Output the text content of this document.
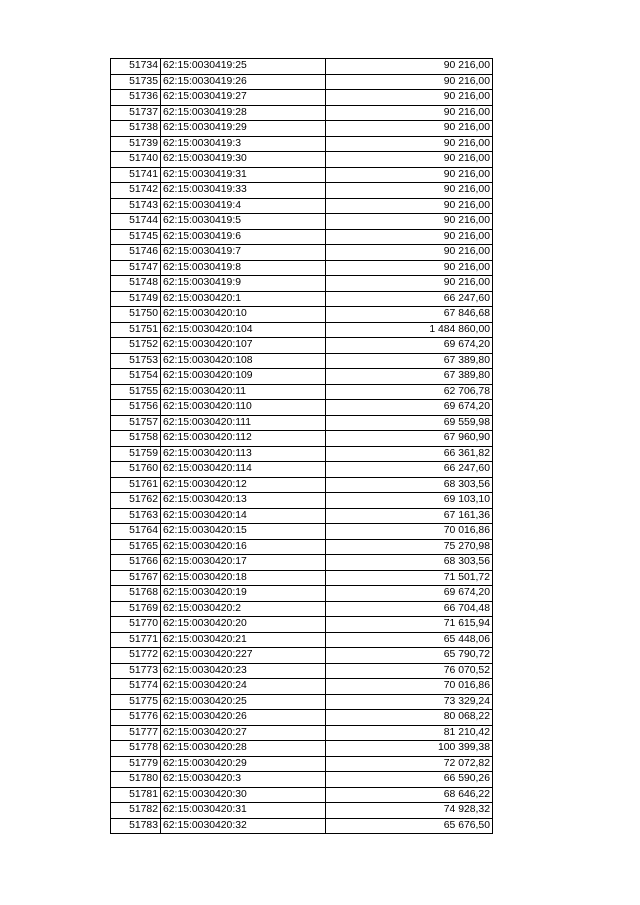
51734	62:15:0030419:25	90 216,00
51735	62:15:0030419:26	90 216,00
51736	62:15:0030419:27	90 216,00
51737	62:15:0030419:28	90 216,00
51738	62:15:0030419:29	90 216,00
51739	62:15:0030419:3	90 216,00
51740	62:15:0030419:30	90 216,00
51741	62:15:0030419:31	90 216,00
51742	62:15:0030419:33	90 216,00
51743	62:15:0030419:4	90 216,00
51744	62:15:0030419:5	90 216,00
51745	62:15:0030419:6	90 216,00
51746	62:15:0030419:7	90 216,00
51747	62:15:0030419:8	90 216,00
51748	62:15:0030419:9	90 216,00
51749	62:15:0030420:1	66 247,60
51750	62:15:0030420:10	67 846,68
51751	62:15:0030420:104	1 484 860,00
51752	62:15:0030420:107	69 674,20
51753	62:15:0030420:108	67 389,80
51754	62:15:0030420:109	67 389,80
51755	62:15:0030420:11	62 706,78
51756	62:15:0030420:110	69 674,20
51757	62:15:0030420:111	69 559,98
51758	62:15:0030420:112	67 960,90
51759	62:15:0030420:113	66 361,82
51760	62:15:0030420:114	66 247,60
51761	62:15:0030420:12	68 303,56
51762	62:15:0030420:13	69 103,10
51763	62:15:0030420:14	67 161,36
51764	62:15:0030420:15	70 016,86
51765	62:15:0030420:16	75 270,98
51766	62:15:0030420:17	68 303,56
51767	62:15:0030420:18	71 501,72
51768	62:15:0030420:19	69 674,20
51769	62:15:0030420:2	66 704,48
51770	62:15:0030420:20	71 615,94
51771	62:15:0030420:21	65 448,06
51772	62:15:0030420:227	65 790,72
51773	62:15:0030420:23	76 070,52
51774	62:15:0030420:24	70 016,86
51775	62:15:0030420:25	73 329,24
51776	62:15:0030420:26	80 068,22
51777	62:15:0030420:27	81 210,42
51778	62:15:0030420:28	100 399,38
51779	62:15:0030420:29	72 072,82
51780	62:15:0030420:3	66 590,26
51781	62:15:0030420:30	68 646,22
51782	62:15:0030420:31	74 928,32
51783	62:15:0030420:32	65 676,50
